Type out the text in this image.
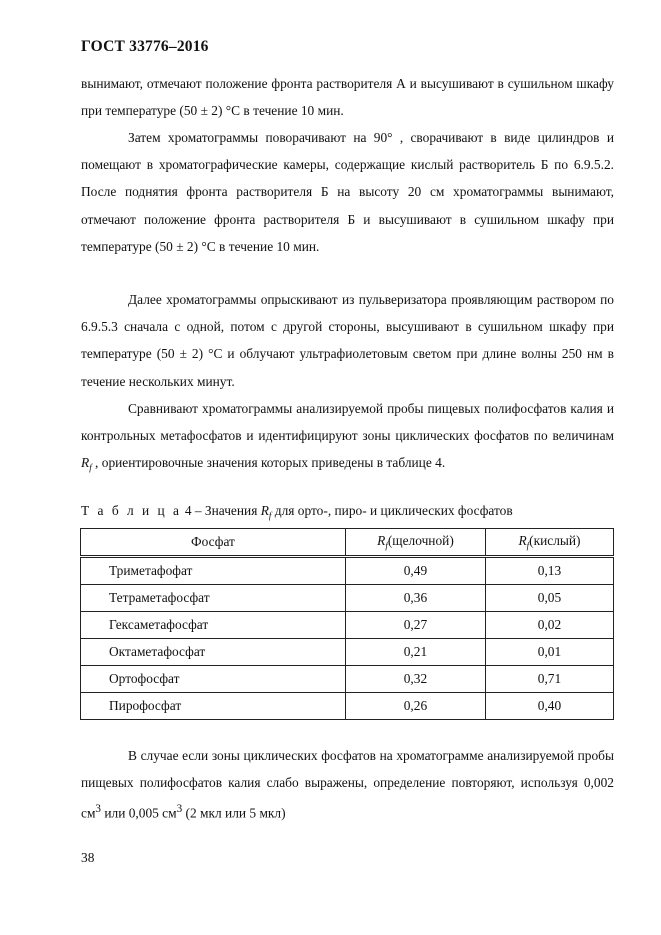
ГОСТ 33776–2016

вынимают, отмечают положение фронта растворителя А и высушивают в сушильном шкафу при температуре (50 ± 2) °С в течение 10 мин.

Затем хроматограммы поворачивают на 90° , сворачивают в виде цилиндров и помещают в хроматографические камеры, содержащие кислый растворитель Б по 6.9.5.2. После поднятия фронта растворителя Б на высоту 20 см хроматограммы вынимают, отмечают положение фронта растворителя Б и высушивают в сушильном шкафу при температуре (50 ± 2) °С в течение 10 мин.

Далее хроматограммы опрыскивают из пульверизатора проявляющим раствором по 6.9.5.3 сначала с одной, потом с другой стороны, высушивают в сушильном шкафу при температуре (50 ± 2) °С и облучают ультрафиолетовым светом при длине волны 250 нм в течение нескольких минут.

Сравнивают хроматограммы анализируемой пробы пищевых полифосфатов калия и контрольных метафосфатов и идентифицируют зоны циклических фосфатов по величинам $R_f$ , ориентировочные значения которых приведены в таблице 4.
Т а б л и ц а 4 – Значения $R_f$ для орто-, пиро- и циклических фосфатов
Фосфат	$R_f(щелочной)$	$R_f(кислый)$
Триметафофат	0,49	0,13
Тетраметафосфат	0,36	0,05
Гексаметафосфат	0,27	0,02
Октаметафосфат	0,21	0,01
Ортофосфат	0,32	0,71
Пирофосфат	0,26	0,40
В случае если зоны циклических фосфатов на хроматограмме анализируемой пробы пищевых полифосфатов калия слабо выражены, определение повторяют, используя 0,002 $см^3$ или 0,005 $см^3$ (2 мкл или 5 мкл)
38
